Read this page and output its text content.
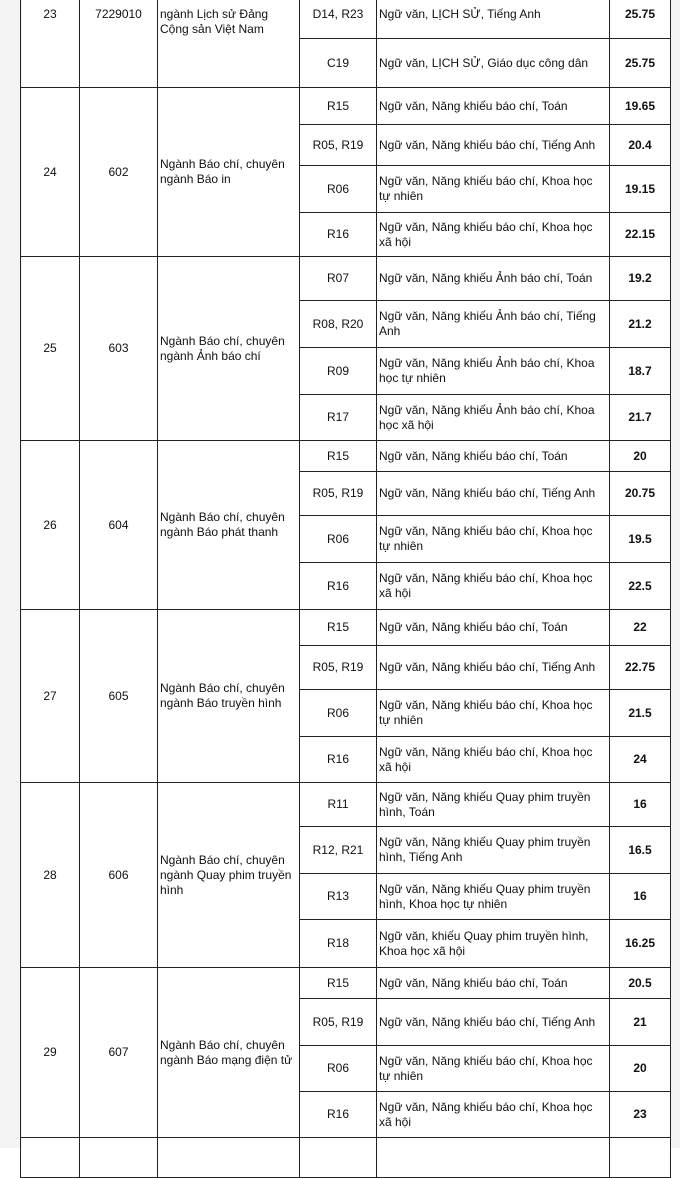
23	7229010	ngành Lịch sử Đảng Cộng sản Việt Nam	D14, R23	Ngữ văn, LỊCH SỬ, Tiếng Anh	25.75
			C19	Ngữ văn, LỊCH SỬ, Giáo dục công dân	25.75
24	602	Ngành Báo chí, chuyên ngành Báo in	R15	Ngữ văn, Năng khiếu báo chí, Toán	19.65
			R05, R19	Ngữ văn, Năng khiếu báo chí, Tiếng Anh	20.4
			R06	Ngữ văn, Năng khiếu báo chí, Khoa học tự nhiên	19.15
			R16	Ngữ văn, Năng khiếu báo chí, Khoa học xã hội	22.15
25	603	Ngành Báo chí, chuyên ngành Ảnh báo chí	R07	Ngữ văn, Năng khiếu Ảnh báo chí, Toán	19.2
			R08, R20	Ngữ văn, Năng khiếu Ảnh báo chí, Tiếng Anh	21.2
			R09	Ngữ văn, Năng khiếu Ảnh báo chí, Khoa học tự nhiên	18.7
			R17	Ngữ văn, Năng khiếu Ảnh báo chí, Khoa học xã hội	21.7
26	604	Ngành Báo chí, chuyên ngành Báo phát thanh	R15	Ngữ văn, Năng khiếu báo chí, Toán	20
			R05, R19	Ngữ văn, Năng khiếu báo chí, Tiếng Anh	20.75
			R06	Ngữ văn, Năng khiếu báo chí, Khoa học tự nhiên	19.5
			R16	Ngữ văn, Năng khiếu báo chí, Khoa học xã hội	22.5
27	605	Ngành Báo chí, chuyên ngành Báo truyền hình	R15	Ngữ văn, Năng khiếu báo chí, Toán	22
			R05, R19	Ngữ văn, Năng khiếu báo chí, Tiếng Anh	22.75
			R06	Ngữ văn, Năng khiếu báo chí, Khoa học tự nhiên	21.5
			R16	Ngữ văn, Năng khiếu báo chí, Khoa học xã hội	24
28	606	Ngành Báo chí, chuyên ngành Quay phim truyền hình	R11	Ngữ văn, Năng khiếu Quay phim truyền hình, Toán	16
			R12, R21	Ngữ văn, Năng khiếu Quay phim truyền hình, Tiếng Anh	16.5
			R13	Ngữ văn, Năng khiếu Quay phim truyền hình, Khoa học tự nhiên	16
			R18	Ngữ văn, khiếu Quay phim truyền hình, Khoa học xã hội	16.25
29	607	Ngành Báo chí, chuyên ngành Báo mạng điện tử	R15	Ngữ văn, Năng khiếu báo chí, Toán	20.5
			R05, R19	Ngữ văn, Năng khiếu báo chí, Tiếng Anh	21
			R06	Ngữ văn, Năng khiếu báo chí, Khoa học tự nhiên	20
			R16	Ngữ văn, Năng khiếu báo chí, Khoa học xã hội	23
